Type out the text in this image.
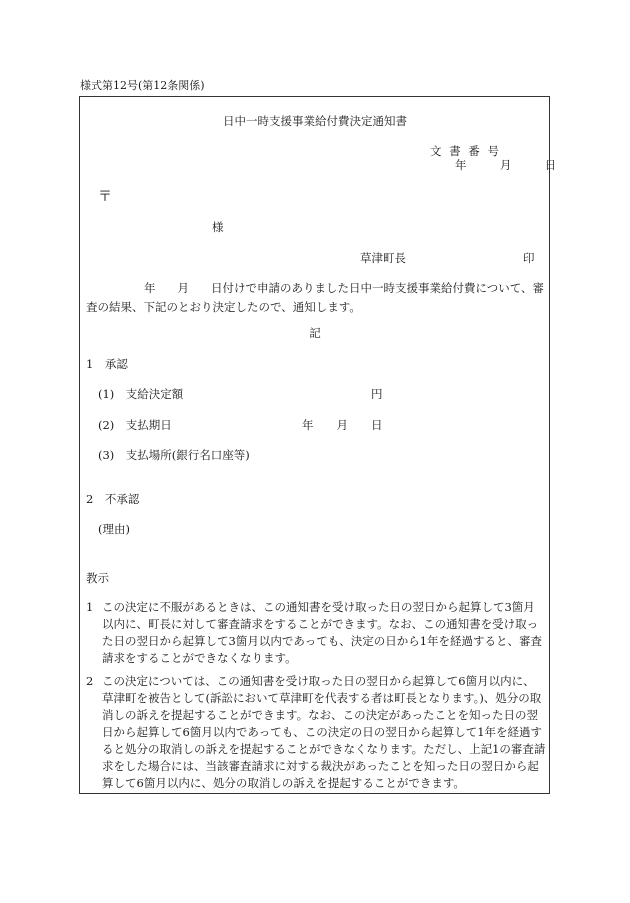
様式第12号(第12条関係)
日中一時支援事業給付費決定通知書
文 書 番 号
年	月	日
〒
様
草津町長	印
年 月 日付けで申請のありました日中一時支援事業給付費について、審査の結果、下記のとおり決定したので、通知します。
記
1　承認
(1)　支給決定額	円
(2)　支払期日	年　　月　　日
(3)　支払場所(銀行名口座等)
2　不承認
(理由)
教示
1 この決定に不服があるときは、この通知書を受け取った日の翌日から起算して3箇月以内に、町長に対して審査請求をすることができます。なお、この通知書を受け取った日の翌日から起算して3箇月以内であっても、決定の日から1年を経過すると、審査請求をすることができなくなります。
2 この決定については、この通知書を受け取った日の翌日から起算して6箇月以内に、草津町を被告として(訴訟において草津町を代表する者は町長となります。)、処分の取消しの訴えを提起することができます。なお、この決定があったことを知った日の翌日から起算して6箇月以内であっても、この決定の日の翌日から起算して1年を経過すると処分の取消しの訴えを提起することができなくなります。ただし、上記1の審査請求をした場合には、当該審査請求に対する裁決があったことを知った日の翌日から起算して6箇月以内に、処分の取消しの訴えを提起することができます。
